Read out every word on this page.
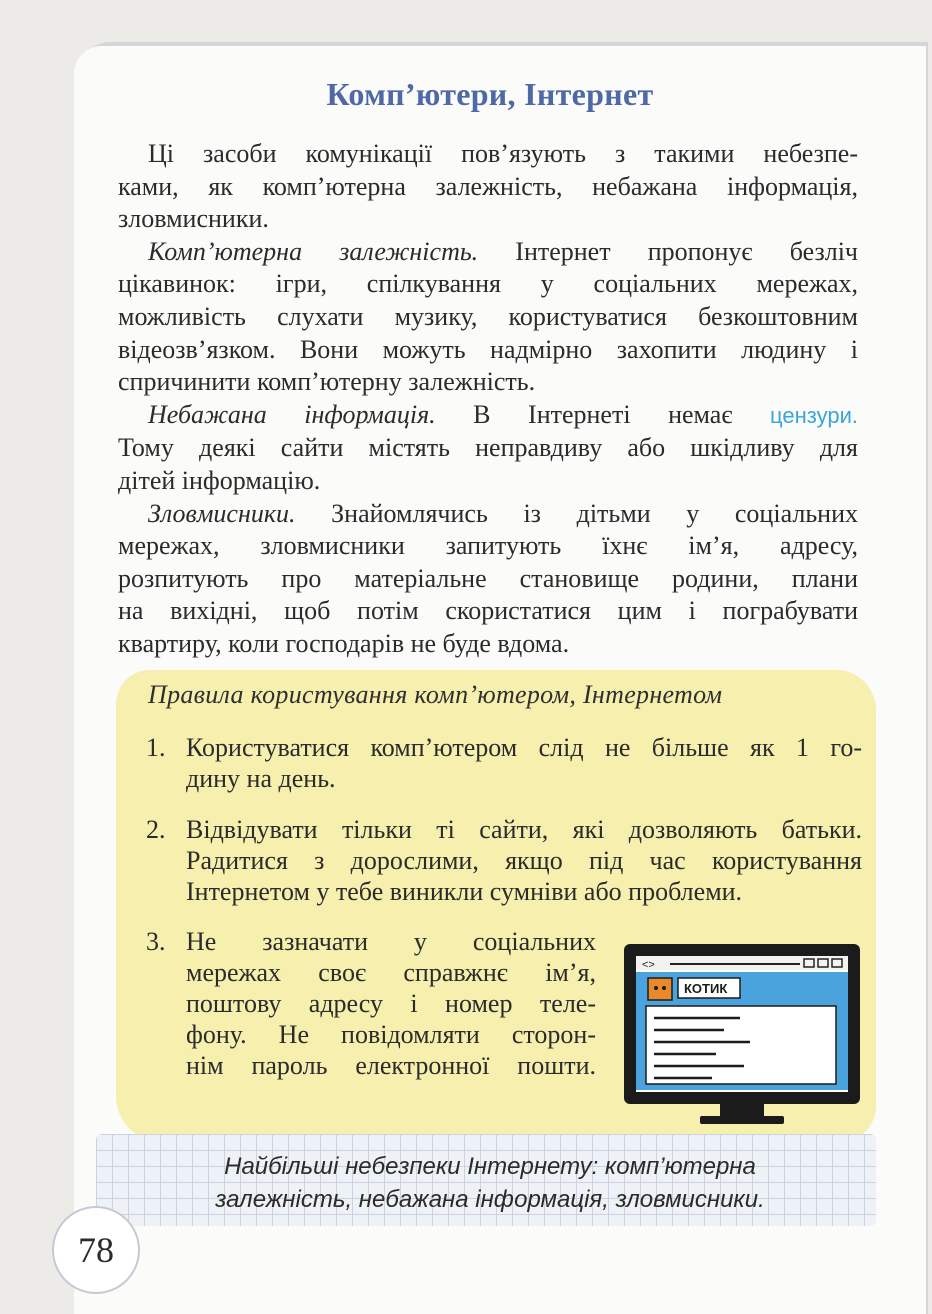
Комп’ютери, Інтернет
Ці засоби комунікації пов’язують з такими небезпе-
ками, як комп’ютерна залежність, небажана інформація,
зловмисники.
Комп’ютерна залежність. Інтернет пропонує безліч
цікавинок: ігри, спілкування у соціальних мережах,
можливість слухати музику, користуватися безкоштовним
відеозв’язком. Вони можуть надмірно захопити людину і
спричинити комп’ютерну залежність.
Небажана інформація. В Інтернеті немає цензури.
Тому деякі сайти містять неправдиву або шкідливу для
дітей інформацію.
Зловмисники. Знайомлячись із дітьми у соціальних
мережах, зловмисники запитують їхнє ім’я, адресу,
розпитують про матеріальне становище родини, плани
на вихідні, щоб потім скористатися цим і пограбувати
квартиру, коли господарів не буде вдома.
Правила користування комп’ютером, Інтернетом
1. Користуватися комп’ютером слід не більше як 1 го-
дину на день.
2. Відвідувати тільки ті сайти, які дозволяють батьки.
Радитися з дорослими, якщо під час користування
Інтернетом у тебе виникли сумніви або проблеми.
3. Не зазначати у соціальних
мережах своє справжнє ім’я,
поштову адресу і номер теле-
фону. Не повідомляти сторон-
нім пароль електронної пошти.
<>
КОТИК
Найбільші небезпеки Інтернету: комп’ютерна
залежність, небажана інформація, зловмисники.
78
